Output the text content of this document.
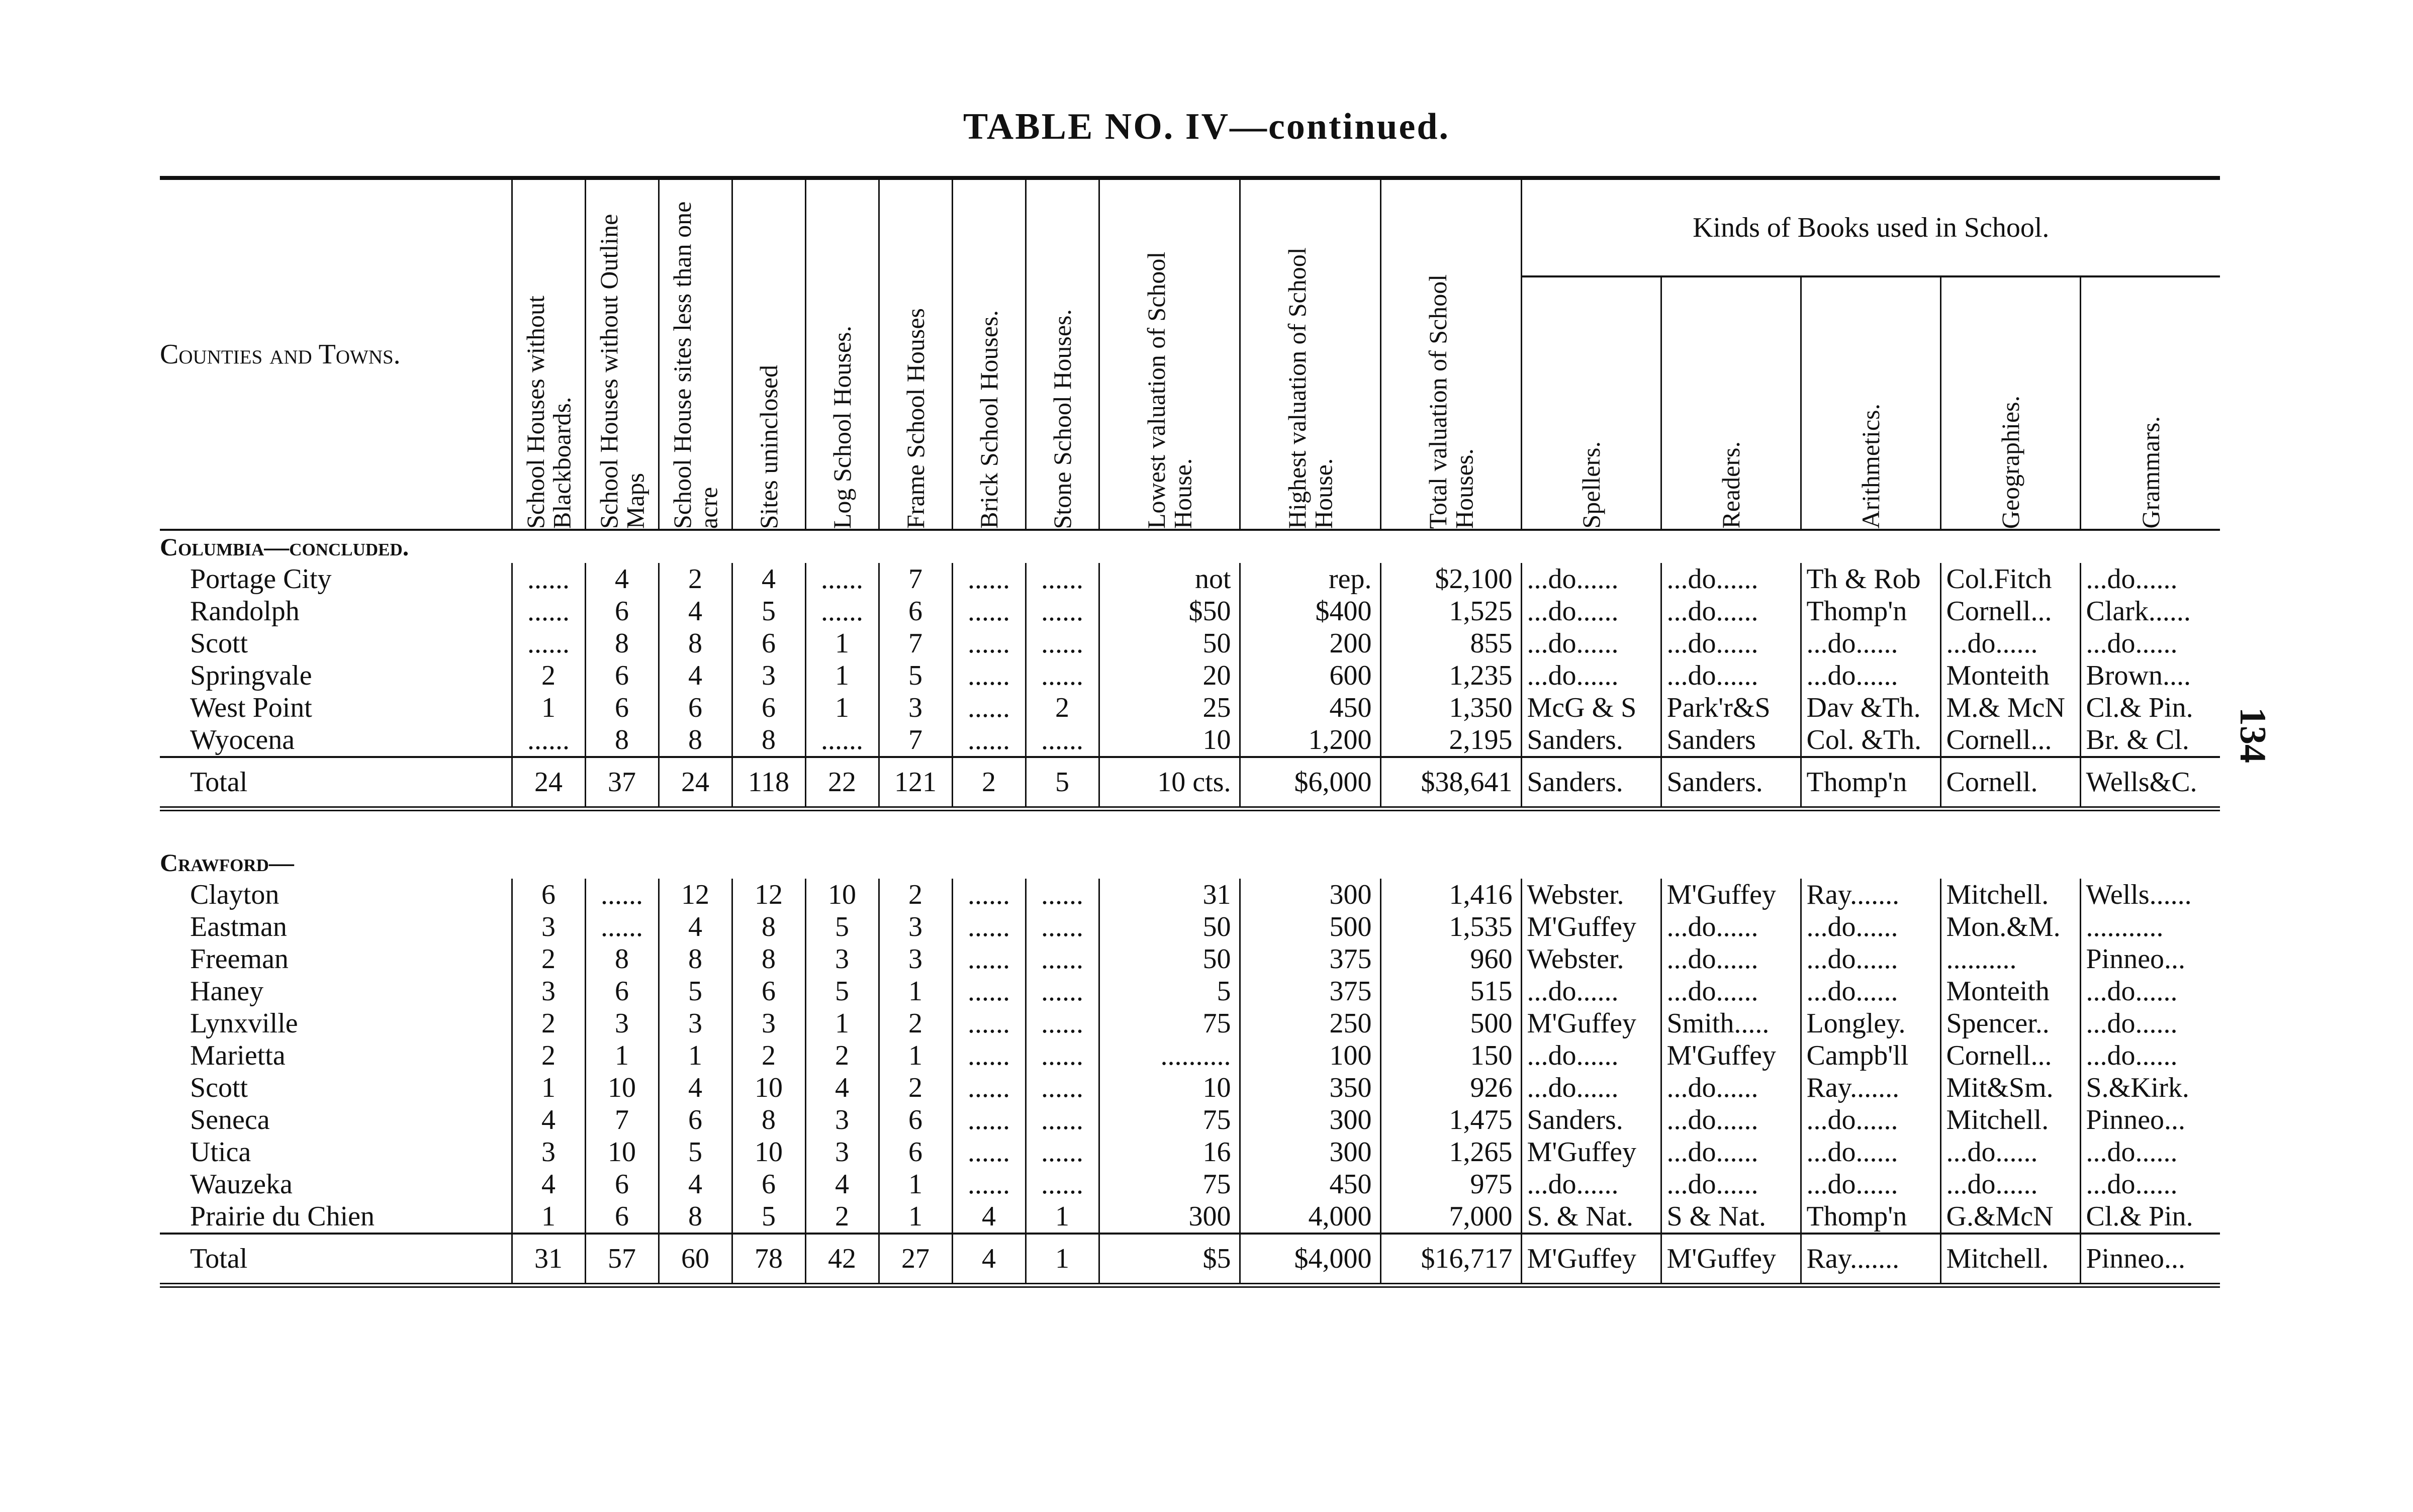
TABLE NO. IV—continued.
134
Counties and Towns.	School Houses without Blackboards.	School Houses without Outline Maps	School House sites less than one acre	Sites uninclosed	Log School Houses.	Frame School Houses	Brick School Houses.	Stone School Houses.	Lowest valuation of School House.	Highest valuation of School House.	Total valuation of School Houses.	Kinds of Books used in School.				

												Spellers.	Readers.	Arithmetics.	Geographies.	Grammars.

Columbia—concluded.																
Portage City	......	4	2	4	......	7	......	......	not	rep.	$2,100	...do......	...do......	Th & Rob	Col.Fitch	...do......
Randolph	......	6	4	5	......	6	......	......	$50	$400	1,525	...do......	...do......	Thomp'n	Cornell...	Clark......
Scott	......	8	8	6	1	7	......	......	50	200	855	...do......	...do......	...do......	...do......	...do......
Springvale	2	6	4	3	1	5	......	......	20	600	1,235	...do......	...do......	...do......	Monteith	Brown....
West Point	1	6	6	6	1	3	......	2	25	450	1,350	McG & S	Park'r&S	Dav &Th.	M.& McN	Cl.& Pin.
Wyocena	......	8	8	8	......	7	......	......	10	1,200	2,195	Sanders.	Sanders	Col. &Th.	Cornell...	Br. & Cl.
Total	24	37	24	118	22	121	2	5	10 cts.	$6,000	$38,641	Sanders.	Sanders.	Thomp'n	Cornell.	Wells&C.

Crawford—																
Clayton	6	......	12	12	10	2	......	......	31	300	1,416	Webster.	M'Guffey	Ray.......	Mitchell.	Wells......
Eastman	3	......	4	8	5	3	......	......	50	500	1,535	M'Guffey	...do......	...do......	Mon.&M.	...........
Freeman	2	8	8	8	3	3	......	......	50	375	960	Webster.	...do......	...do......	..........	Pinneo...
Haney	3	6	5	6	5	1	......	......	5	375	515	...do......	...do......	...do......	Monteith	...do......
Lynxville	2	3	3	3	1	2	......	......	75	250	500	M'Guffey	Smith.....	Longley.	Spencer..	...do......
Marietta	2	1	1	2	2	1	......	......	..........	100	150	...do......	M'Guffey	Campb'll	Cornell...	...do......
Scott	1	10	4	10	4	2	......	......	10	350	926	...do......	...do......	Ray.......	Mit&Sm.	S.&Kirk.
Seneca	4	7	6	8	3	6	......	......	75	300	1,475	Sanders.	...do......	...do......	Mitchell.	Pinneo...
Utica	3	10	5	10	3	6	......	......	16	300	1,265	M'Guffey	...do......	...do......	...do......	...do......
Wauzeka	4	6	4	6	4	1	......	......	75	450	975	...do......	...do......	...do......	...do......	...do......
Prairie du Chien	1	6	8	5	2	1	4	1	300	4,000	7,000	S. & Nat.	S & Nat.	Thomp'n	G.&McN	Cl.& Pin.
Total	31	57	60	78	42	27	4	1	$5	$4,000	$16,717	M'Guffey	M'Guffey	Ray.......	Mitchell.	Pinneo...
